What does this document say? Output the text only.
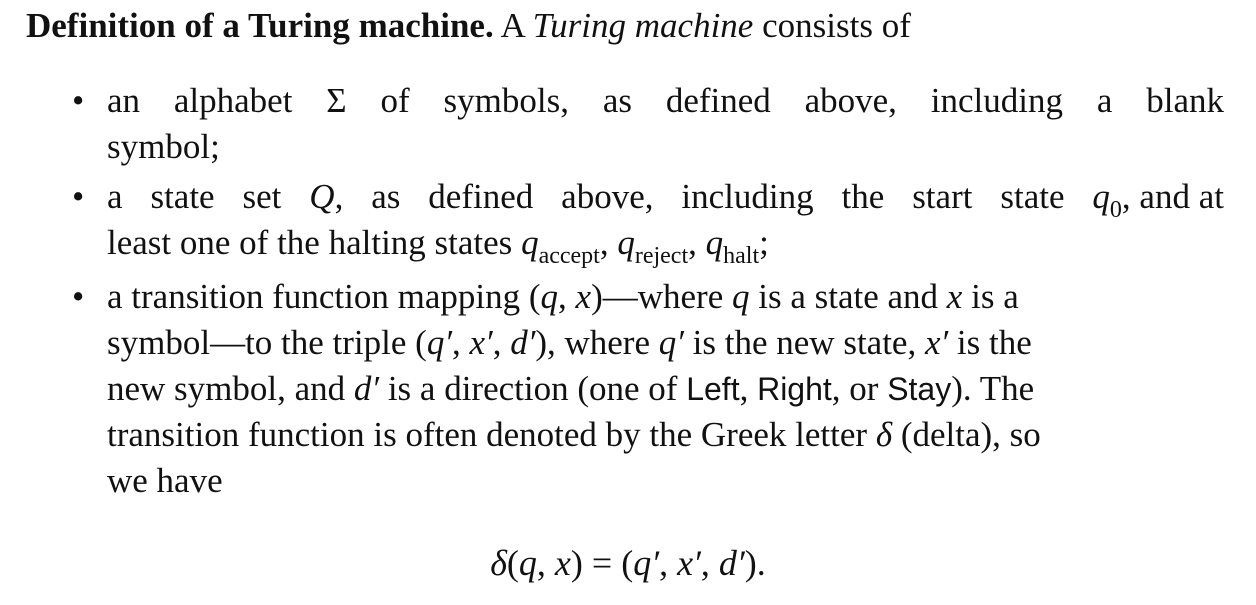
Definition of a Turing machine. A Turing machine consists of
• an alphabet Σ of symbols, as defined above, including a blank
symbol;
• a state set Q, as defined above, including the start state $q_0$, and at
least one of the halting states $q_{accept}$, $q_{reject}$, $q_{halt}$;
• a transition function mapping (q, x)—where q is a state and x is a
symbol—to the triple (q′, x′, d′), where q′ is the new state, x′ is the
new symbol, and d′ is a direction (one of Left, Right, or Stay). The
transition function is often denoted by the Greek letter δ (delta), so
we have
δ(q, x) = (q′, x′, d′).
